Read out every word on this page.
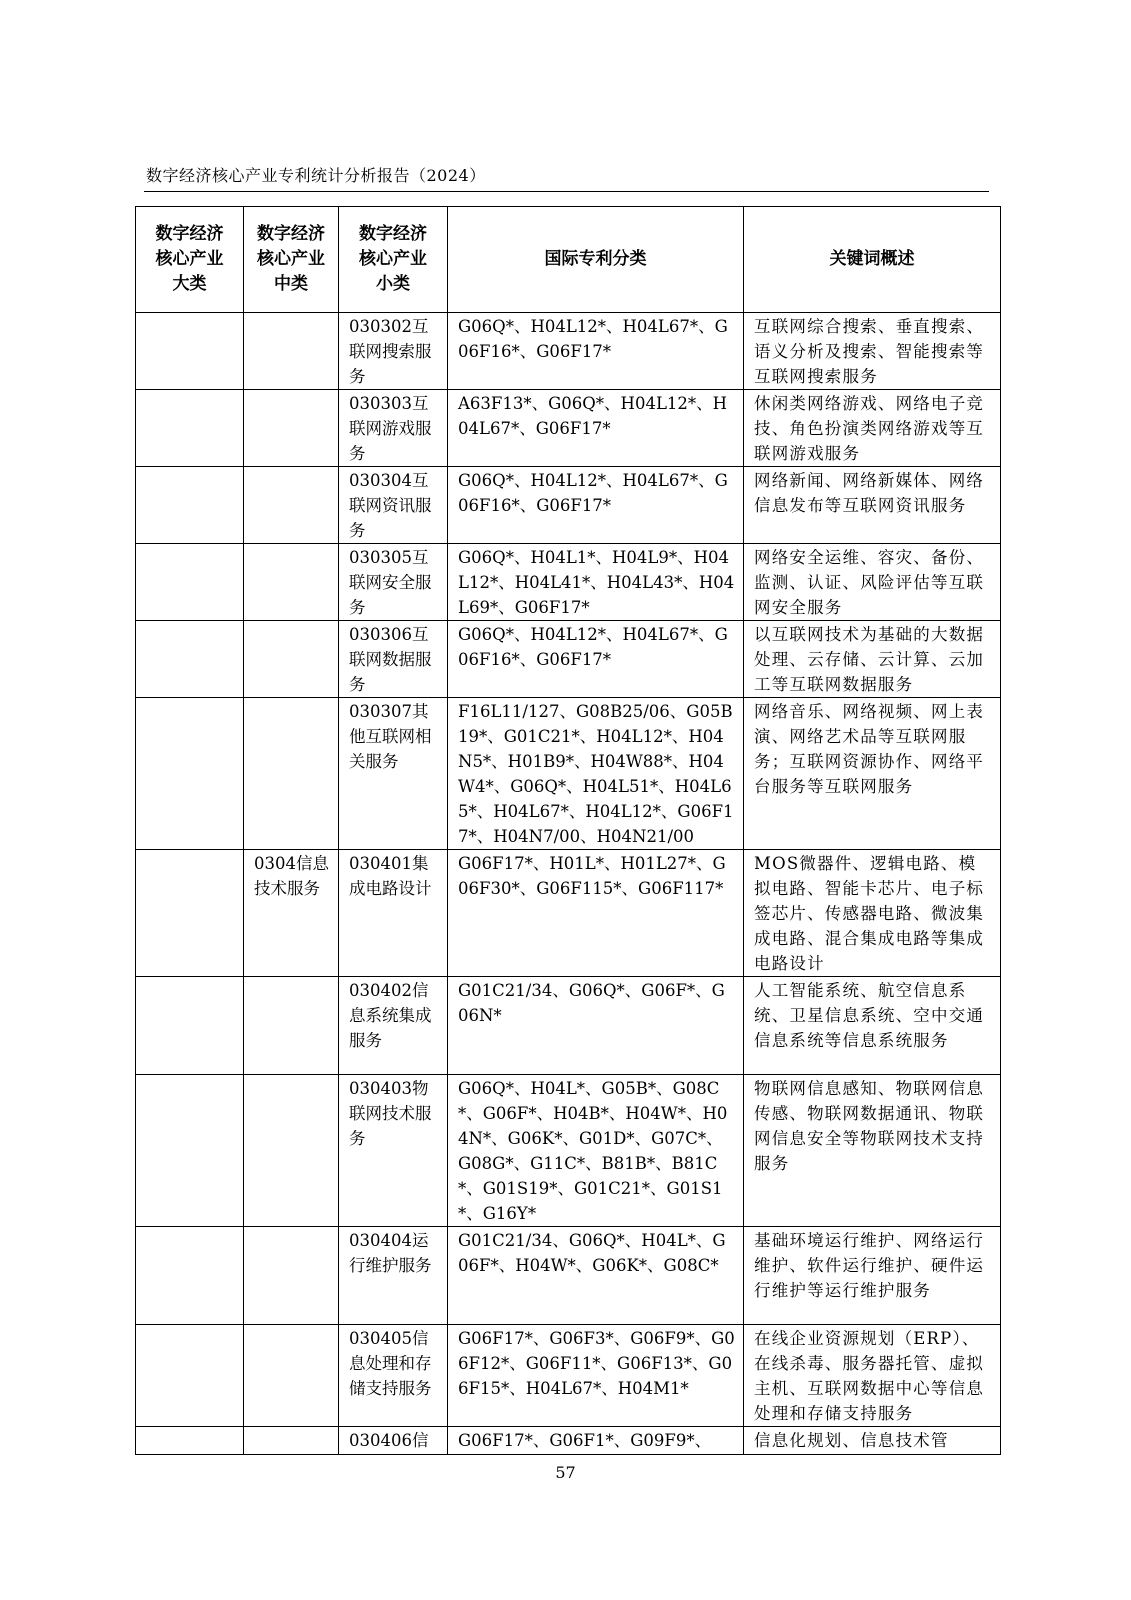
数字经济核心产业专利统计分析报告（2024）
数字经济核心产业大类	数字经济核心产业中类	数字经济核心产业小类	国际专利分类	关键词概述
		030302互联网搜索服务	G06Q*、H04L12*、H04L67*、G06F16*、G06F17*	互联网综合搜索、垂直搜索、语义分析及搜索、智能搜索等互联网搜索服务
		030303互联网游戏服务	A63F13*、G06Q*、H04L12*、H04L67*、G06F17*	休闲类网络游戏、网络电子竞技、角色扮演类网络游戏等互联网游戏服务
		030304互联网资讯服务	G06Q*、H04L12*、H04L67*、G06F16*、G06F17*	网络新闻、网络新媒体、网络信息发布等互联网资讯服务
		030305互联网安全服务	G06Q*、H04L1*、H04L9*、H04L12*、H04L41*、H04L43*、H04L69*、G06F17*	网络安全运维、容灾、备份、监测、认证、风险评估等互联网安全服务
		030306互联网数据服务	G06Q*、H04L12*、H04L67*、G06F16*、G06F17*	以互联网技术为基础的大数据处理、云存储、云计算、云加工等互联网数据服务
		030307其他互联网相关服务	F16L11/127、G08B25/06、G05B19*、G01C21*、H04L12*、H04N5*、H01B9*、H04W88*、H04W4*、G06Q*、H04L51*、H04L65*、H04L67*、H04L12*、G06F17*、H04N7/00、H04N21/00	网络音乐、网络视频、网上表演、网络艺术品等互联网服务；互联网资源协作、网络平台服务等互联网服务
	0304信息技术服务	030401集成电路设计	G06F17*、H01L*、H01L27*、G06F30*、G06F115*、G06F117*	MOS微器件、逻辑电路、模拟电路、智能卡芯片、电子标签芯片、传感器电路、微波集成电路、混合集成电路等集成电路设计
		030402信息系统集成服务	G01C21/34、G06Q*、G06F*、G06N*	人工智能系统、航空信息系统、卫星信息系统、空中交通信息系统等信息系统服务
		030403物联网技术服务	G06Q*、H04L*、G05B*、G08C*、G06F*、H04B*、H04W*、H04N*、G06K*、G01D*、G07C*、G08G*、G11C*、B81B*、B81C*、G01S19*、G01C21*、G01S1*、G16Y*	物联网信息感知、物联网信息传感、物联网数据通讯、物联网信息安全等物联网技术支持服务
		030404运行维护服务	G01C21/34、G06Q*、H04L*、G06F*、H04W*、G06K*、G08C*	基础环境运行维护、网络运行维护、软件运行维护、硬件运行维护等运行维护服务
		030405信息处理和存储支持服务	G06F17*、G06F3*、G06F9*、G06F12*、G06F11*、G06F13*、G06F15*、H04L67*、H04M1*	在线企业资源规划（ERP）、在线杀毒、服务器托管、虚拟主机、互联网数据中心等信息处理和存储支持服务
		030406信	G06F17*、G06F1*、G09F9*、	信息化规划、信息技术管
57
